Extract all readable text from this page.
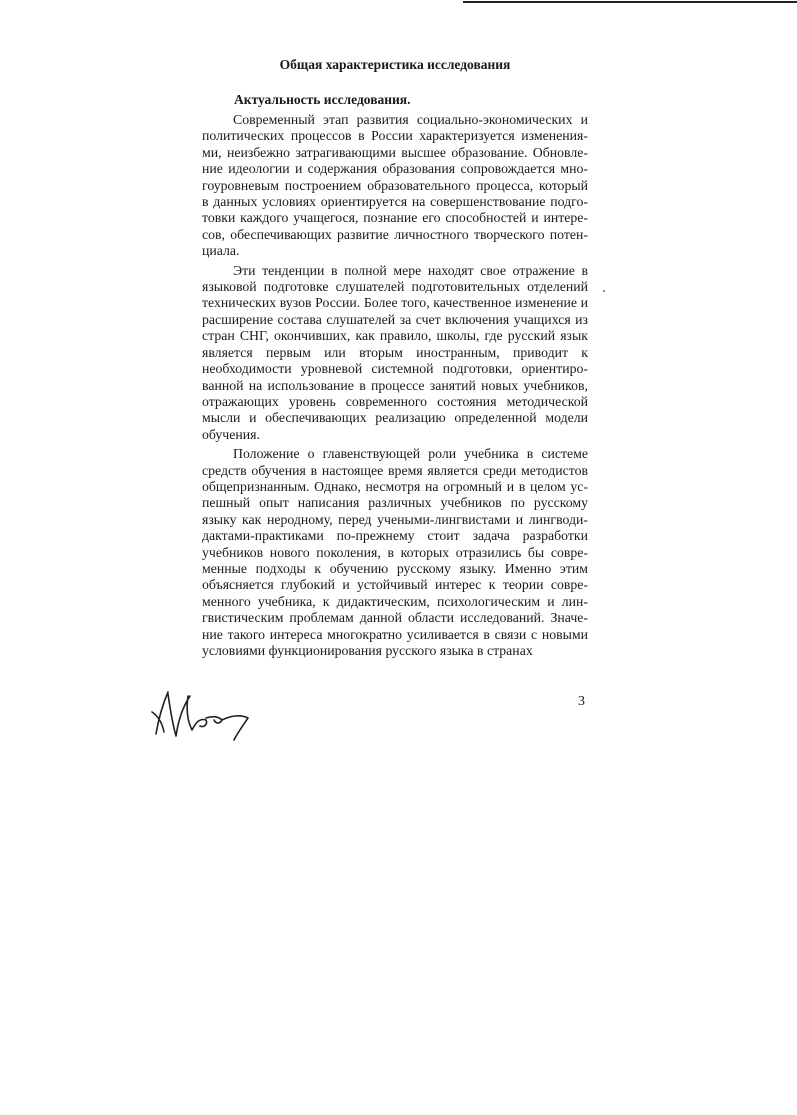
Общая характеристика исследования
Актуальность исследования.

Современный этап развития социально-экономических и политических процессов в России характеризуется изменения-ми, неизбежно затрагивающими высшее образование. Обновле-ние идеологии и содержания образования сопровождается мно-гоуровневым построением образовательного процесса, который в данных условиях ориентируется на совершенствование подго-товки каждого учащегося, познание его способностей и интере-сов, обеспечивающих развитие личностного творческого потен-циала.

Эти тенденции в полной мере находят свое отражение в языковой подготовке слушателей подготовительных отделений технических вузов России. Более того, качественное изменение и расширение состава слушателей за счет включения учащихся из стран СНГ, окончивших, как правило, школы, где русский язык является первым или вторым иностранным, приводит к необходимости уровневой системной подготовки, ориентиро-ванной на использование в процессе занятий новых учебников, отражающих уровень современного состояния методической мысли и обеспечивающих реализацию определенной модели обучения.

Положение о главенствующей роли учебника в системе средств обучения в настоящее время является среди методистов общепризнанным. Однако, несмотря на огромный и в целом ус-пешный опыт написания различных учебников по русскому языку как неродному, перед учеными-лингвистами и лингводи-дактами-практиками по-прежнему стоит задача разработки учебников нового поколения, в которых отразились бы совре-менные подходы к обучению русскому языку. Именно этим объясняется глубокий и устойчивый интерес к теории совре-менного учебника, к дидактическим, психологическим и лин-гвистическим проблемам данной области исследований. Значе-ние такого интереса многократно усиливается в связи с новыми условиями функционирования русского языка в странах

3
